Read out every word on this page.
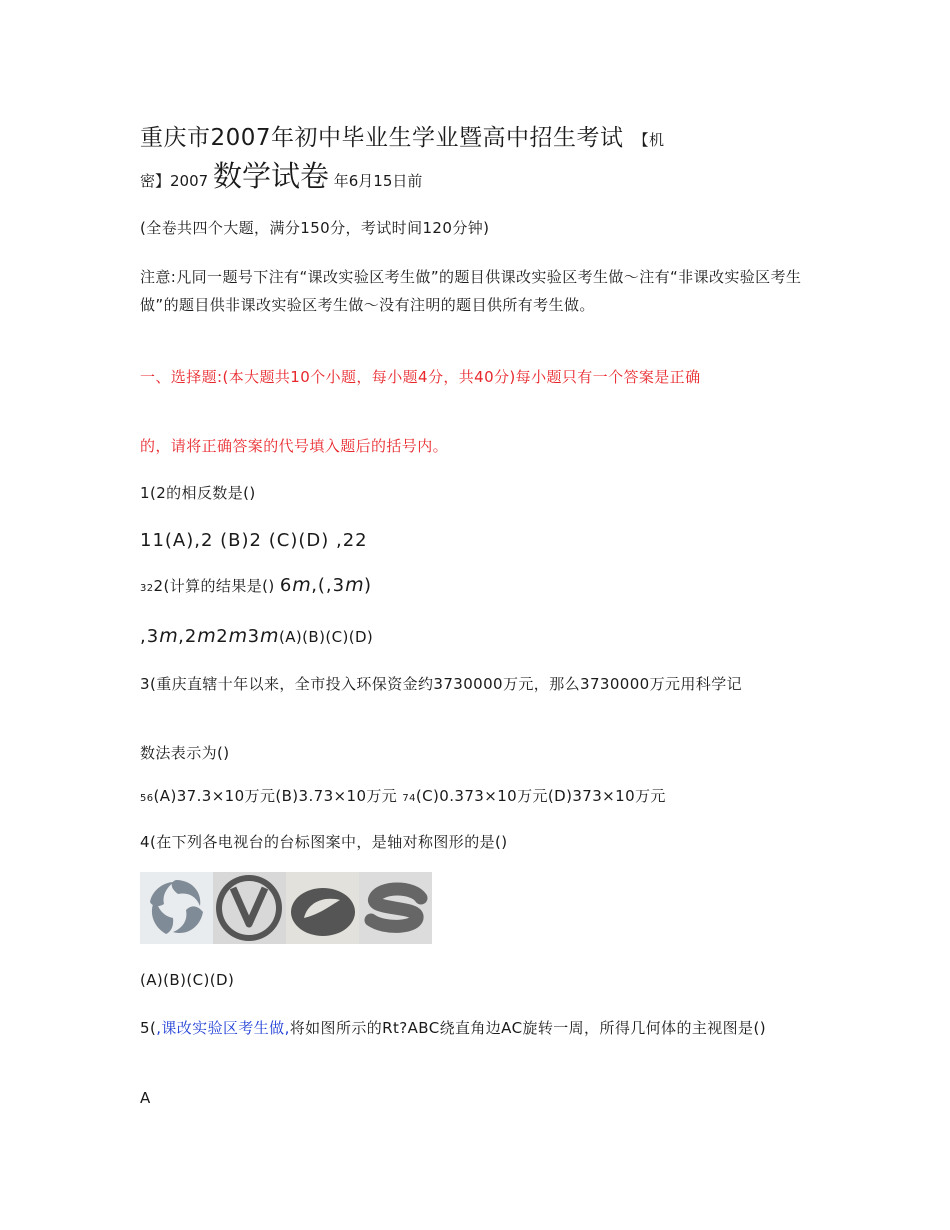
重庆市2007年初中毕业生学业暨高中招生考试 【机
密】2007 数学试卷 年6月15日前
(全卷共四个大题，满分150分，考试时间120分钟)
注意:凡同一题号下注有“课改实验区考生做”的题目供课改实验区考生做～注有“非课改实验区考生做”的题目供非课改实验区考生做～没有注明的题目供所有考生做。
一、选择题:(本大题共10个小题，每小题4分，共40分)每小题只有一个答案是正确
的，请将正确答案的代号填入题后的括号内。
1(2的相反数是()
11(A),2 (B)2 (C)(D) ,22
322(计算的结果是() 6m,(,3m)
,3m,2m2m3m(A)(B)(C)(D)
3(重庆直辖十年以来，全市投入环保资金约3730000万元，那么3730000万元用科学记
数法表示为()
56(A)37.3×10万元(B)3.73×10万元 74(C)0.373×10万元(D)373×10万元
4(在下列各电视台的台标图案中，是轴对称图形的是()
(A)(B)(C)(D)
5(,课改实验区考生做,将如图所示的Rt?ABC绕直角边AC旋转一周，所得几何体的主视图是()
A
